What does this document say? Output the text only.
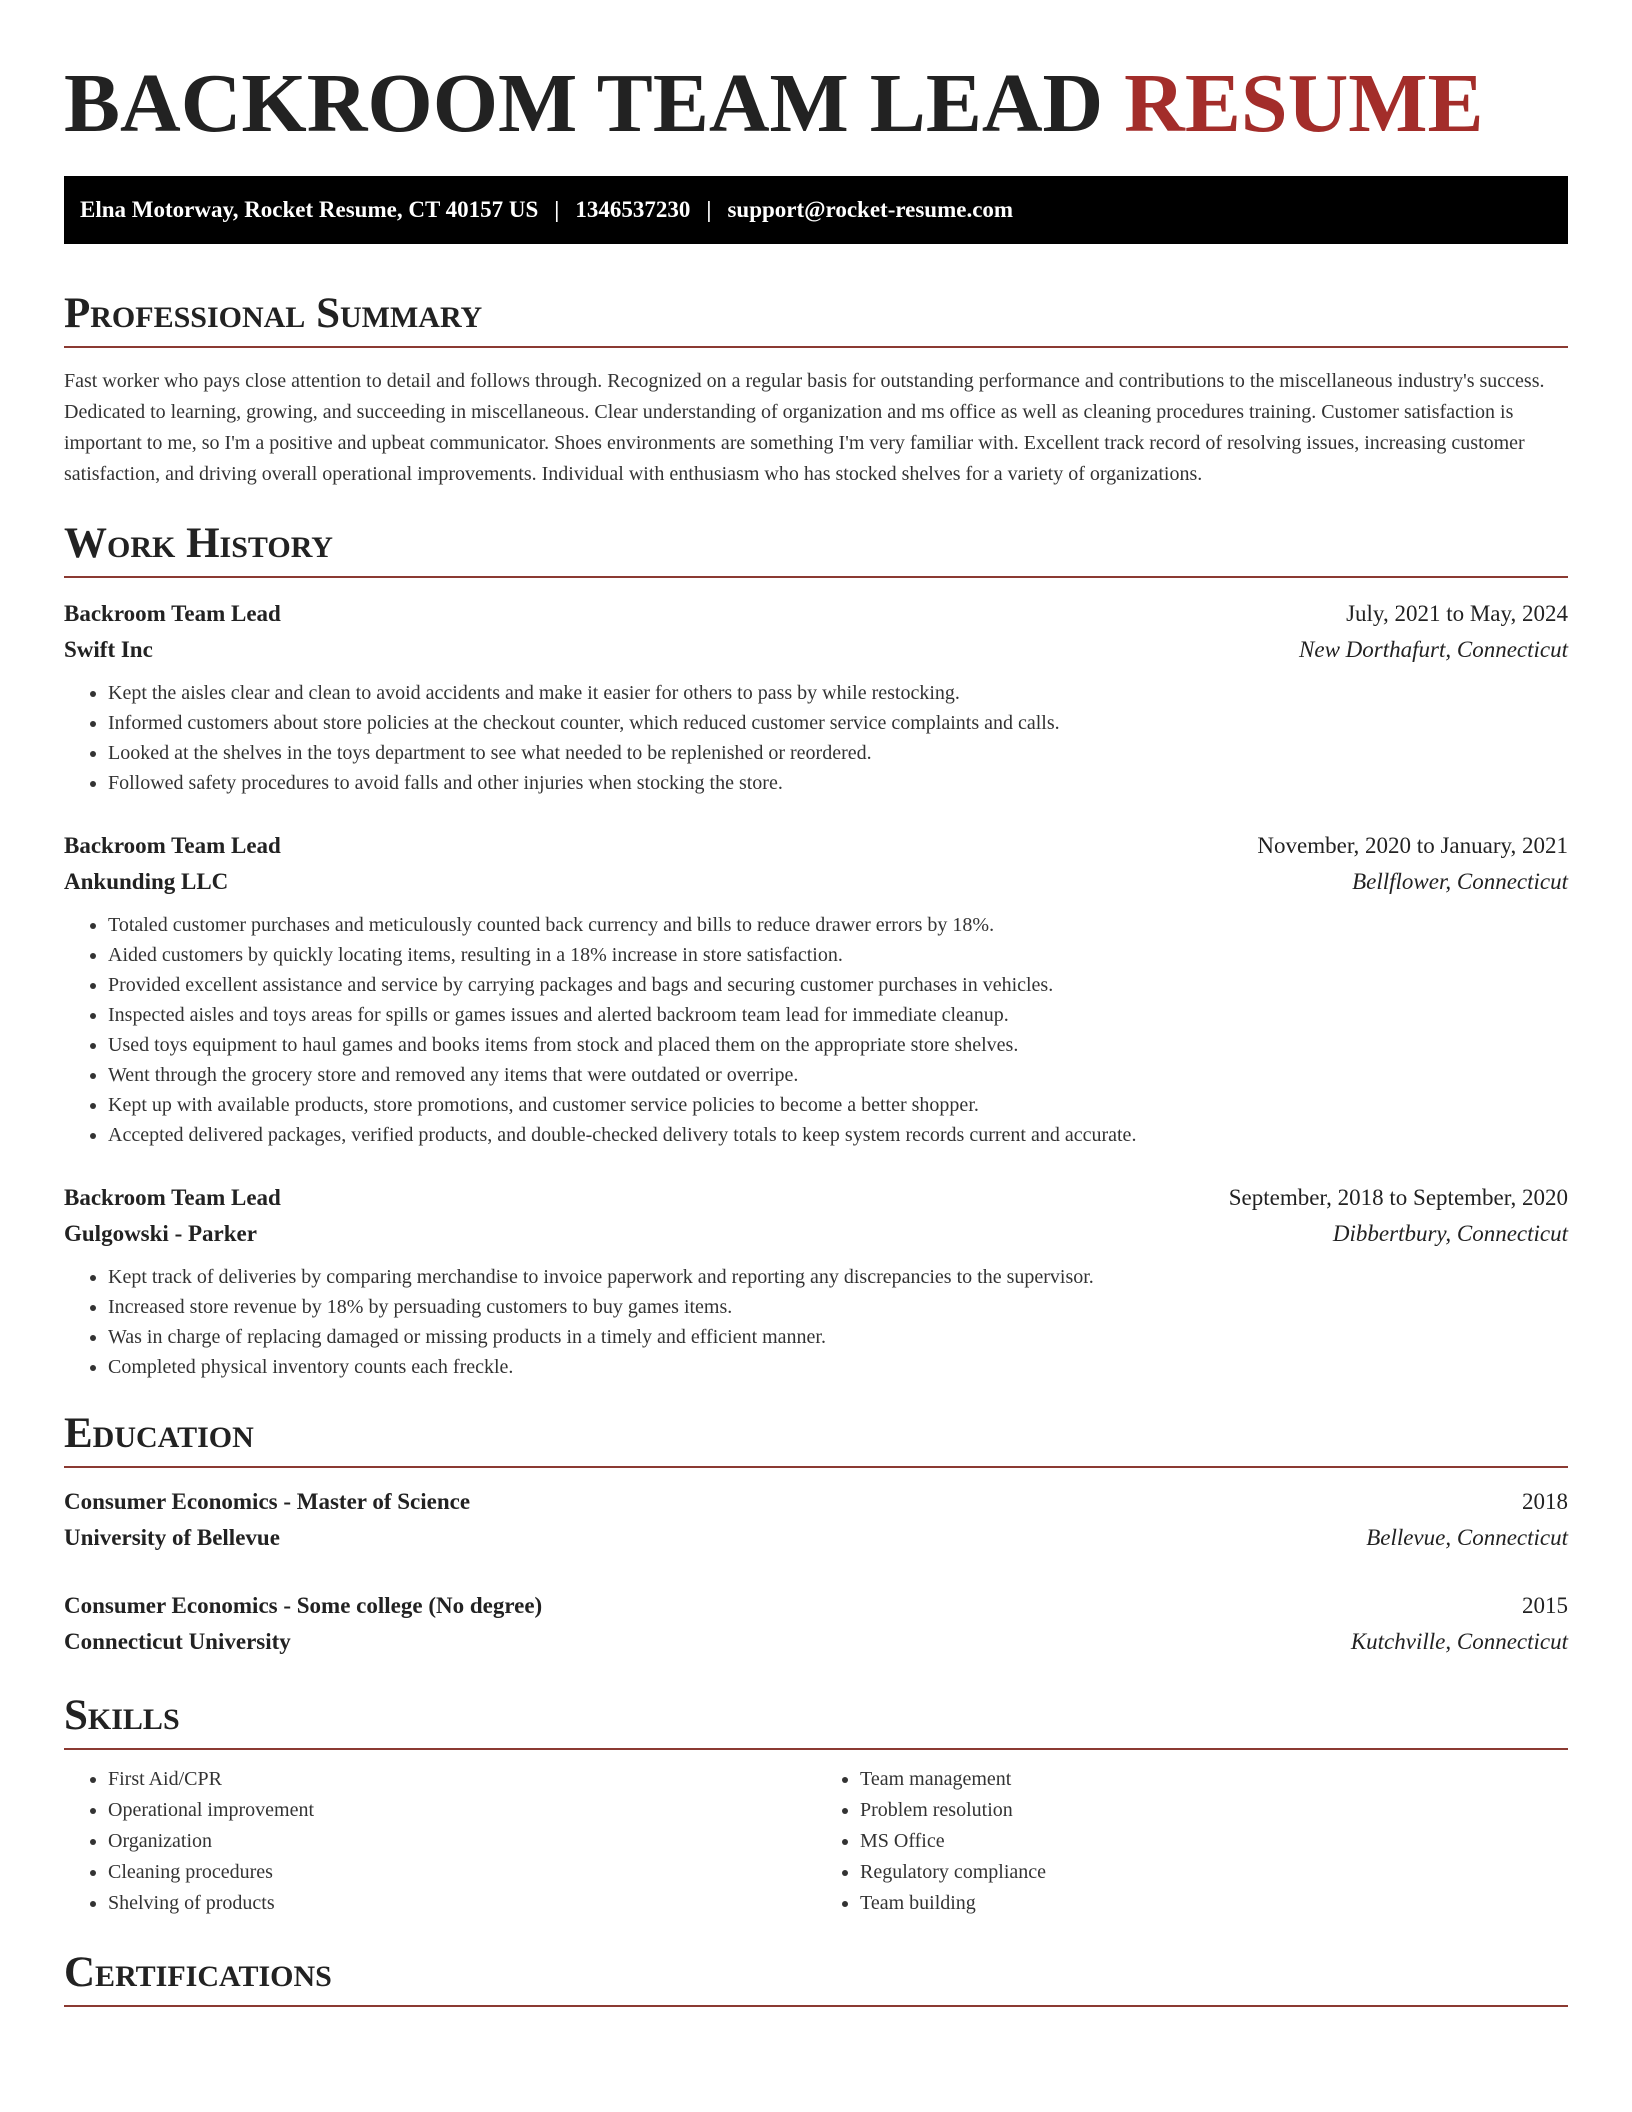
BACKROOM TEAM LEAD RESUME
Elna Motorway, Rocket Resume, CT 40157 US | 1346537230 | support@rocket-resume.com
Professional Summary

Fast worker who pays close attention to detail and follows through. Recognized on a regular basis for outstanding performance and contributions to the miscellaneous industry's success. Dedicated to learning, growing, and succeeding in miscellaneous. Clear understanding of organization and ms office as well as cleaning procedures training. Customer satisfaction is important to me, so I'm a positive and upbeat communicator. Shoes environments are something I'm very familiar with. Excellent track record of resolving issues, increasing customer satisfaction, and driving overall operational improvements. Individual with enthusiasm who has stocked shelves for a variety of organizations.

Work History
Backroom Team Lead	July, 2021 to May, 2024
Swift Inc	New Dorthafurt, Connecticut
• Kept the aisles clear and clean to avoid accidents and make it easier for others to pass by while restocking.
• Informed customers about store policies at the checkout counter, which reduced customer service complaints and calls.
• Looked at the shelves in the toys department to see what needed to be replenished or reordered.
• Followed safety procedures to avoid falls and other injuries when stocking the store.
Backroom Team Lead	November, 2020 to January, 2021
Ankunding LLC	Bellflower, Connecticut
• Totaled customer purchases and meticulously counted back currency and bills to reduce drawer errors by 18%.
• Aided customers by quickly locating items, resulting in a 18% increase in store satisfaction.
• Provided excellent assistance and service by carrying packages and bags and securing customer purchases in vehicles.
• Inspected aisles and toys areas for spills or games issues and alerted backroom team lead for immediate cleanup.
• Used toys equipment to haul games and books items from stock and placed them on the appropriate store shelves.
• Went through the grocery store and removed any items that were outdated or overripe.
• Kept up with available products, store promotions, and customer service policies to become a better shopper.
• Accepted delivered packages, verified products, and double-checked delivery totals to keep system records current and accurate.
Backroom Team Lead	September, 2018 to September, 2020
Gulgowski - Parker	Dibbertbury, Connecticut
• Kept track of deliveries by comparing merchandise to invoice paperwork and reporting any discrepancies to the supervisor.
• Increased store revenue by 18% by persuading customers to buy games items.
• Was in charge of replacing damaged or missing products in a timely and efficient manner.
• Completed physical inventory counts each freckle.
Education
Consumer Economics - Master of Science	2018
University of Bellevue	Bellevue, Connecticut
Consumer Economics - Some college (No degree)	2015
Connecticut University	Kutchville, Connecticut
Skills
• First Aid/CPR
• Operational improvement
• Organization
• Cleaning procedures
• Shelving of products
• Team management
• Problem resolution
• MS Office
• Regulatory compliance
• Team building
Certifications
